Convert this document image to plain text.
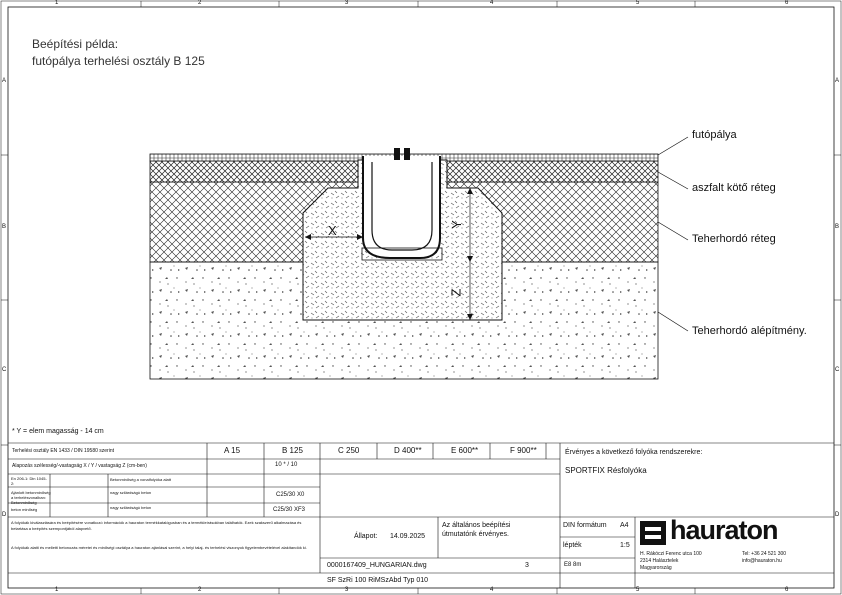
1	2	3	4	5	6
1	2	3	4	5	6
A
B
C
D
A
B
C
D
Beépítési példa:
futópálya terhelési osztály B 125
futópálya
aszfalt kötő réteg
Teherhordó réteg
Teherhordó alépítmény.
X	Y
Z
* Y = elem magasság - 14 cm
Terhelési osztály EN 1433 / DIN 19580 szerint	A 15	B 125	C 250	D 400**	E 600**	F 900**
Alapozás szélesség/-vastagság X / Y / vastagság Z (cm-ben)	10 * / 10
En 206-1: Din 1045-2:
Betonminőség a vonalfolyóka alatt
Ajánlott betonminőség a terhelésvonalban: Betonminőség
nagy szilárdságú beton	C25/30 X0
beton minőség	nagy szilárdságú beton	C25/30 XF3
Érvényes a következő folyóka rendszerekre:
SPORTFIX Résfolyóka
A folyókák kiválasztására és beépítésére vonatkozó információk a hauraton termékkatalógusban és a termékleírásokban találhatók. Ezek szakszerű alkalmazása és betartása a beépítés szempontjából alapvető.
A folyókák alatti és melletti betonozás méretei és minőségi osztálya a hauraton ajánlásai szerint, a helyi talaj- és terhelési viszonyok figyelembevételével alakítandók ki.
Az általános beépítési útmutatónk érvényes.
Állapot: 14.09.2025
DIN formátum A4
lépték	1:5
0000167409_HUNGARIAN.dwg	3	E8 8m
SF SzRi 100 RiMSzAbd Typ 010
hauraton
H. Rákóczi Ferenc utca 100
2314 Halásztelek
Magyarország
Tel: +36 24 521 300
info@hauraton.hu
